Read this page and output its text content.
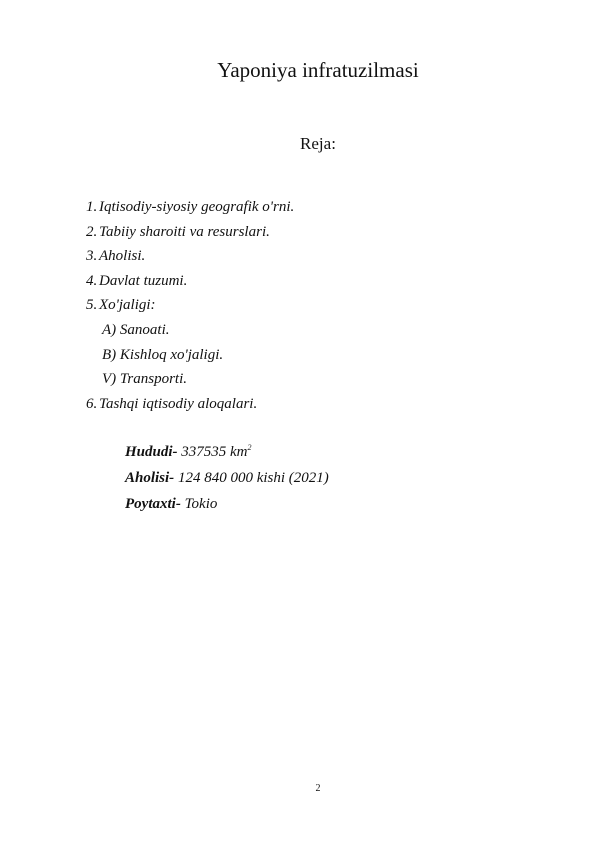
Yaponiya infratuzilmasi
Reja:
1. Iqtisodiy-siyosiy geografik o'rni.
2. Tabiiy sharoiti va resurslari.
3. Aholisi.
4. Davlat tuzumi.
5. Xo'jaligi:
A) Sanoati.
B) Kishloq xo'jaligi.
V) Transporti.
6. Tashqi iqtisodiy aloqalari.
Hududi- 337535 $km^2$
Aholisi- 124 840 000 kishi (2021)
Poytaxti- Tokio
2
